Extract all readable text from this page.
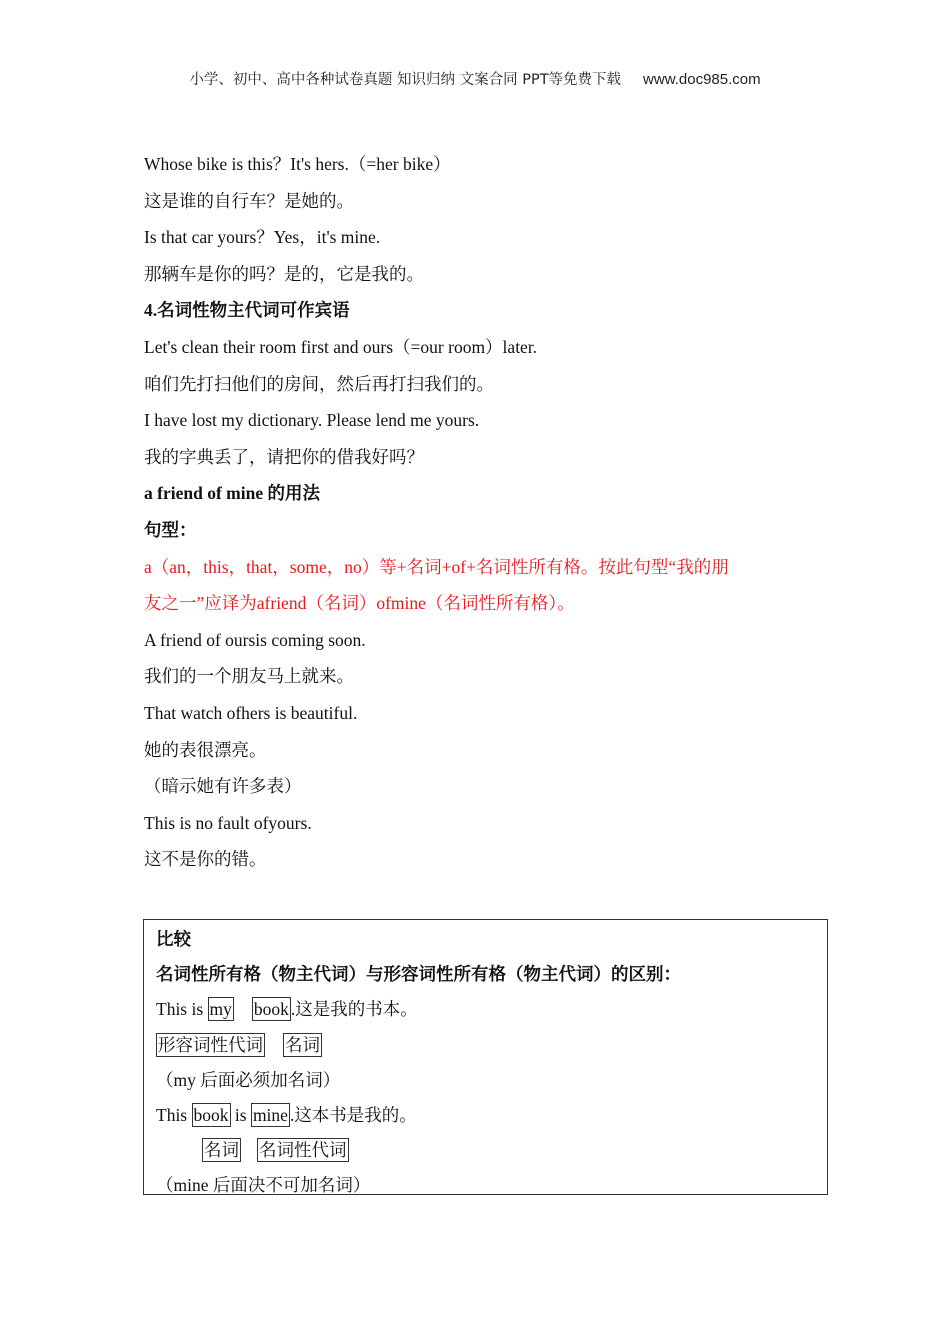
小学、初中、高中各种试卷真题 知识归纳 文案合同 PPT等免费下载 www.doc985.com
Whose bike is this？It's hers.（=her bike）
这是谁的自行车？是她的。
Is that car yours？Yes，it's mine.
那辆车是你的吗？是的，它是我的。
4.名词性物主代词可作宾语
Let's clean their room first and ours（=our room）later.
咱们先打扫他们的房间，然后再打扫我们的。
I have lost my dictionary. Please lend me yours.
我的字典丢了，请把你的借我好吗？
a friend of mine 的用法
句型：
a（an，this，that，some，no）等+名词+of+名词性所有格。按此句型“我的朋
友之一”应译为afriend（名词）ofmine（名词性所有格）。
A friend of oursis coming soon.
我们的一个朋友马上就来。
That watch ofhers is beautiful.
她的表很漂亮。
（暗示她有许多表）
This is no fault ofyours.
这不是你的错。
比较
名词性所有格（物主代词）与形容词性所有格（物主代词）的区别：
This is my book .这是我的书本。
形容词性代词 名词
（my 后面必须加名词）
This book is mine .这本书是我的。
名词 名词性代词
（mine 后面决不可加名词）
